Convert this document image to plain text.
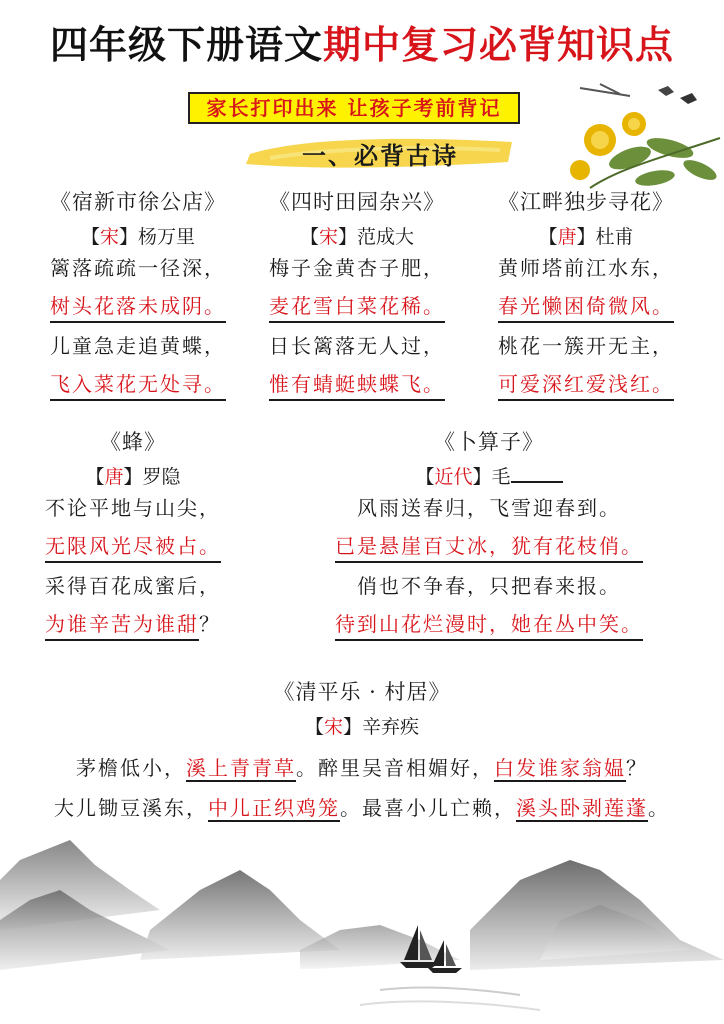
四年级下册语文期中复习必背知识点
家长打印出来 让孩子考前背记
一、必背古诗
《宿新市徐公店》
【宋】杨万里
篱落疏疏一径深，
树头花落未成阴。
儿童急走追黄蝶，
飞入菜花无处寻。
《四时田园杂兴》
【宋】范成大
梅子金黄杏子肥，
麦花雪白菜花稀。
日长篱落无人过，
惟有蜻蜓蛱蝶飞。
《江畔独步寻花》
【唐】杜甫
黄师塔前江水东，
春光懒困倚微风。
桃花一簇开无主，
可爱深红爱浅红。
《蜂》
【唐】罗隐
不论平地与山尖，
无限风光尽被占。
采得百花成蜜后，
为谁辛苦为谁甜？
《卜算子》
【近代】毛
风雨送春归，飞雪迎春到。
已是悬崖百丈冰，犹有花枝俏。
俏也不争春，只把春来报。
待到山花烂漫时，她在丛中笑。
《清平乐 · 村居》
【宋】辛弃疾
茅檐低小，溪上青青草。醉里吴音相媚好，白发谁家翁媪？
大儿锄豆溪东，中儿正织鸡笼。最喜小儿亡赖，溪头卧剥莲蓬。
